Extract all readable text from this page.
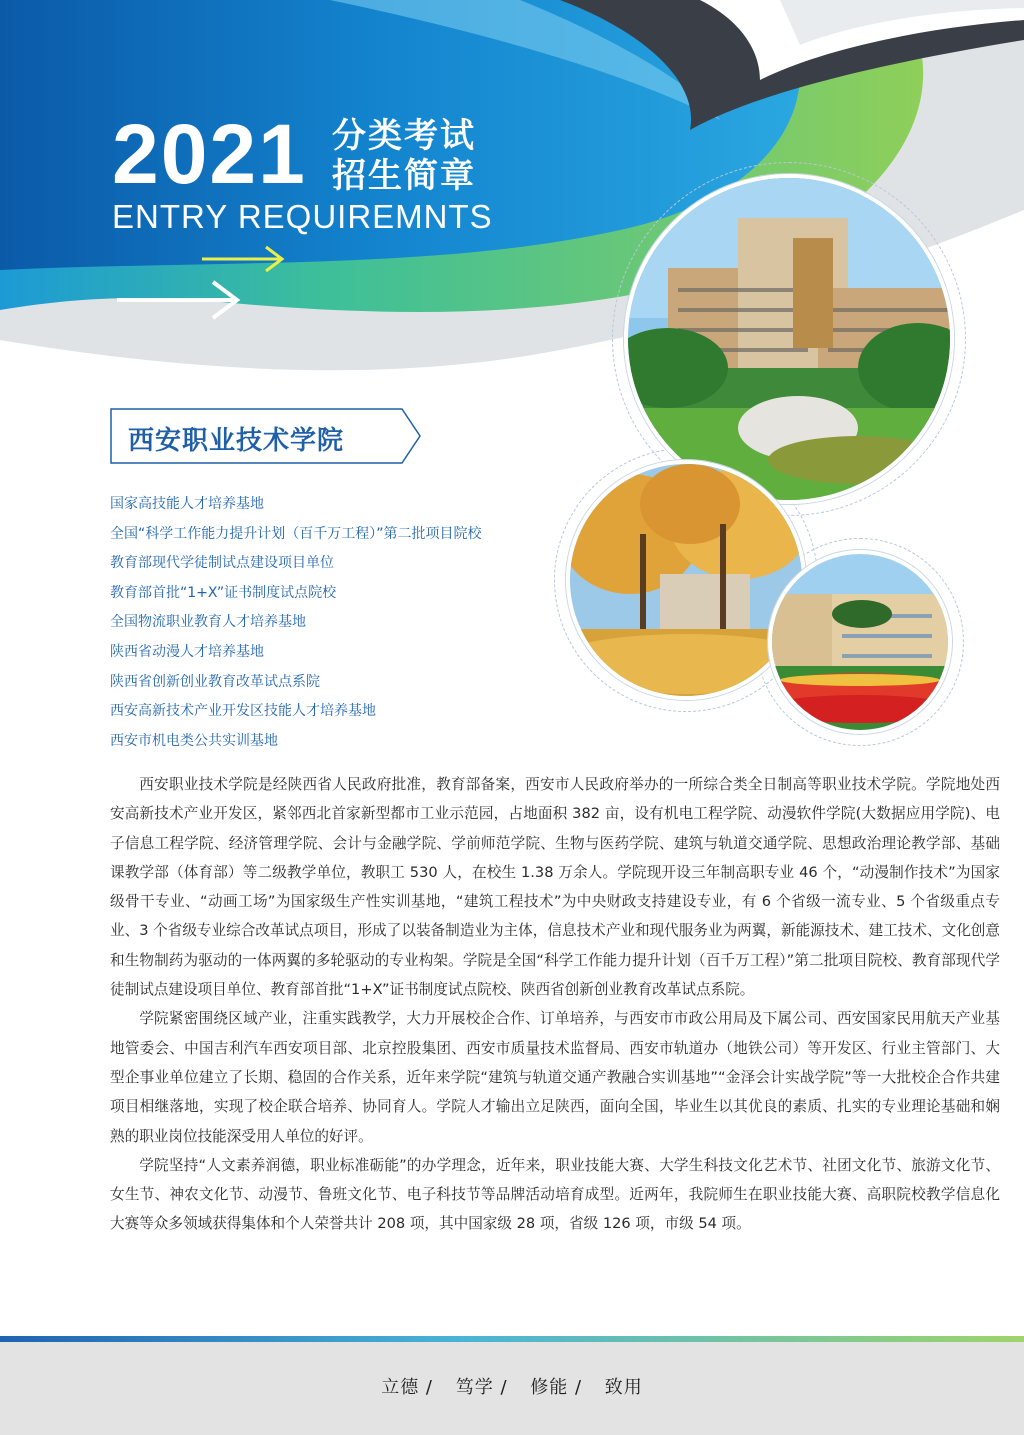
2021 分类考试
招生简章
ENTRY REQUIREMNTS
西安职业技术学院
国家高技能人才培养基地
全国“科学工作能力提升计划（百千万工程）”第二批项目院校
教育部现代学徒制试点建设项目单位
教育部首批“1+X”证书制度试点院校
全国物流职业教育人才培养基地
陕西省动漫人才培养基地
陕西省创新创业教育改革试点系院
西安高新技术产业开发区技能人才培养基地
西安市机电类公共实训基地

西安职业技术学院是经陕西省人民政府批准，教育部备案，西安市人民政府举办的一所综合类全日制高等职业技术学院。学院地处西安高新技术产业开发区，紧邻西北首家新型都市工业示范园，占地面积 382 亩，设有机电工程学院、动漫软件学院(大数据应用学院)、电子信息工程学院、经济管理学院、会计与金融学院、学前师范学院、生物与医药学院、建筑与轨道交通学院、思想政治理论教学部、基础课教学部（体育部）等二级教学单位，教职工 530 人，在校生 1.38 万余人。学院现开设三年制高职专业 46 个，“动漫制作技术”为国家级骨干专业、“动画工场”为国家级生产性实训基地，“建筑工程技术”为中央财政支持建设专业，有 6 个省级一流专业、5 个省级重点专业、3 个省级专业综合改革试点项目，形成了以装备制造业为主体，信息技术产业和现代服务业为两翼，新能源技术、建工技术、文化创意和生物制药为驱动的一体两翼的多轮驱动的专业构架。学院是全国“科学工作能力提升计划（百千万工程）”第二批项目院校、教育部现代学徒制试点建设项目单位、教育部首批“1+X”证书制度试点院校、陕西省创新创业教育改革试点系院。

学院紧密围绕区域产业，注重实践教学，大力开展校企合作、订单培养，与西安市市政公用局及下属公司、西安国家民用航天产业基地管委会、中国吉利汽车西安项目部、北京控股集团、西安市质量技术监督局、西安市轨道办（地铁公司）等开发区、行业主管部门、大型企事业单位建立了长期、稳固的合作关系，近年来学院“建筑与轨道交通产教融合实训基地”“金泽会计实战学院”等一大批校企合作共建项目相继落地，实现了校企联合培养、协同育人。学院人才输出立足陕西，面向全国，毕业生以其优良的素质、扎实的专业理论基础和娴熟的职业岗位技能深受用人单位的好评。

学院坚持“人文素养润德，职业标准砺能”的办学理念，近年来，职业技能大赛、大学生科技文化艺术节、社团文化节、旅游文化节、女生节、神农文化节、动漫节、鲁班文化节、电子科技节等品牌活动培育成型。近两年，我院师生在职业技能大赛、高职院校教学信息化大赛等众多领域获得集体和个人荣誉共计 208 项，其中国家级 28 项，省级 126 项，市级 54 项。

立德 / 笃学 / 修能 / 致用
